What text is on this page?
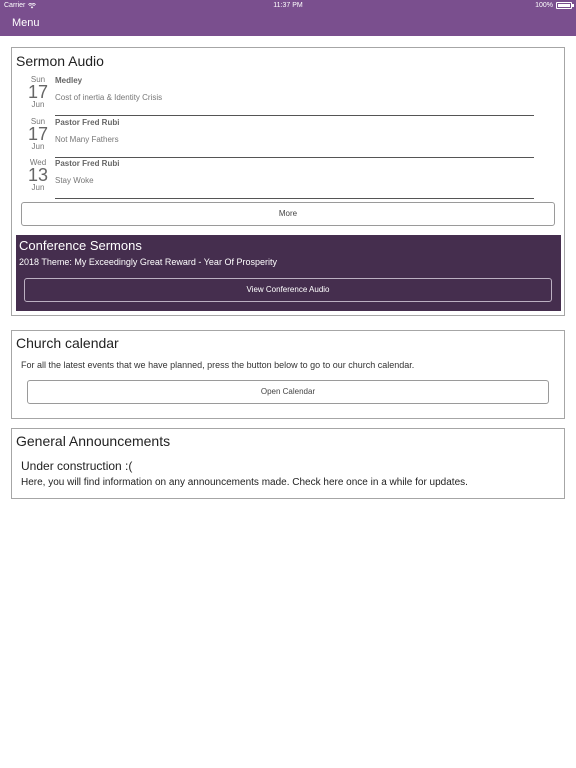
Carrier	11:37 PM	100%
Menu
Sermon Audio
Sun
17
Jun
Medley
Cost of inertia & Identity Crisis
Sun
17
Jun
Pastor Fred Rubi
Not Many Fathers
Wed
13
Jun
Pastor Fred Rubi
Stay Woke
More
Conference Sermons
2018 Theme: My Exceedingly Great Reward - Year Of Prosperity
View Conference Audio
Church calendar
For all the latest events that we have planned, press the button below to go to our church calendar.
Open Calendar
General Announcements
Under construction :(
Here, you will find information on any announcements made. Check here once in a while for updates.
